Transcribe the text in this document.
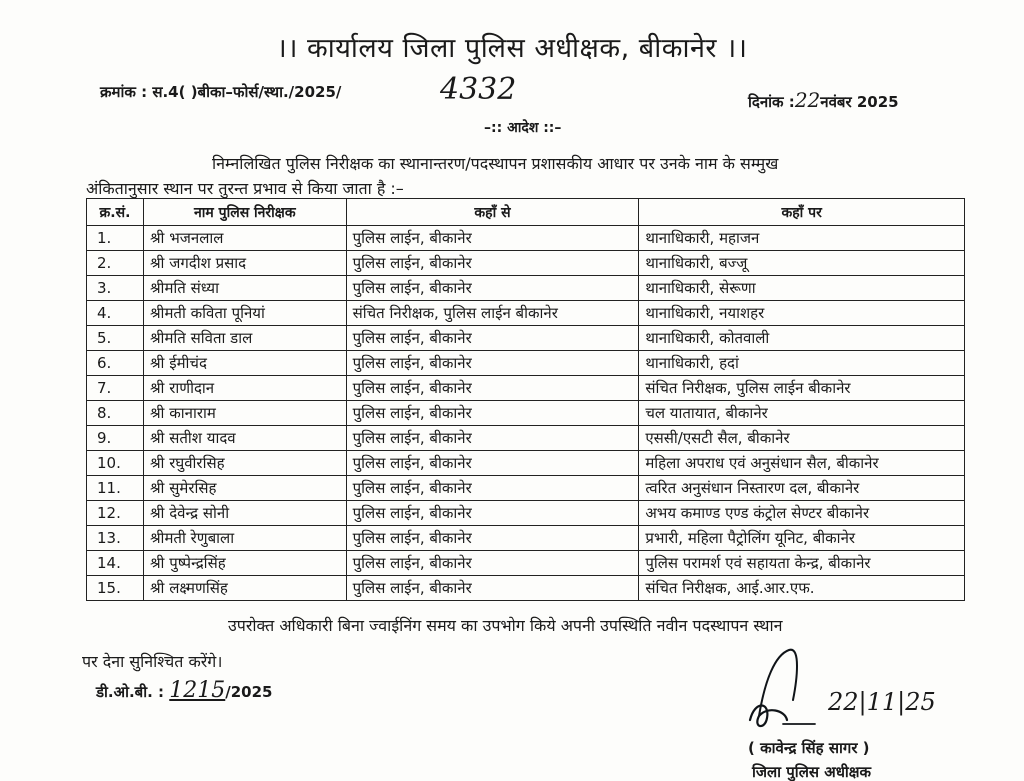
।। कार्यालय जिला पुलिस अधीक्षक, बीकानेर ।।
क्रमांक : स.4( )बीका–फोर्स/स्था./2025/	4332	दिनांक :22नवंबर 2025
–:: आदेश ::–
निम्नलिखित पुलिस निरीक्षक का स्थानान्तरण/पदस्थापन प्रशासकीय आधार पर उनके नाम के सम्मुख
अंकितानुसार स्थान पर तुरन्त प्रभाव से किया जाता है :–
क्र.सं.	नाम पुलिस निरीक्षक	कहाँ से	कहाँ पर
1.	श्री भजनलाल	पुलिस लाईन, बीकानेर	थानाधिकारी, महाजन
2.	श्री जगदीश प्रसाद	पुलिस लाईन, बीकानेर	थानाधिकारी, बज्जू
3.	श्रीमति संध्या	पुलिस लाईन, बीकानेर	थानाधिकारी, सेरूणा
4.	श्रीमती कविता पूनियां	संचित निरीक्षक, पुलिस लाईन बीकानेर	थानाधिकारी, नयाशहर
5.	श्रीमति सविता डाल	पुलिस लाईन, बीकानेर	थानाधिकारी, कोतवाली
6.	श्री ईमीचंद	पुलिस लाईन, बीकानेर	थानाधिकारी, हदां
7.	श्री राणीदान	पुलिस लाईन, बीकानेर	संचित निरीक्षक, पुलिस लाईन बीकानेर
8.	श्री कानाराम	पुलिस लाईन, बीकानेर	चल यातायात, बीकानेर
9.	श्री सतीश यादव	पुलिस लाईन, बीकानेर	एससी/एसटी सैल, बीकानेर
10.	श्री रघुवीरसिह	पुलिस लाईन, बीकानेर	महिला अपराध एवं अनुसंधान सैल, बीकानेर
11.	श्री सुमेरसिह	पुलिस लाईन, बीकानेर	त्वरित अनुसंधान निस्तारण दल, बीकानेर
12.	श्री देवेन्द्र सोनी	पुलिस लाईन, बीकानेर	अभय कमाण्ड एण्ड कंट्रोल सेण्टर बीकानेर
13.	श्रीमती रेणुबाला	पुलिस लाईन, बीकानेर	प्रभारी, महिला पैट्रोलिंग यूनिट, बीकानेर
14.	श्री पुष्पेन्द्रसिंह	पुलिस लाईन, बीकानेर	पुलिस परामर्श एवं सहायता केन्द्र, बीकानेर
15.	श्री लक्ष्मणसिंह	पुलिस लाईन, बीकानेर	संचित निरीक्षक, आई.आर.एफ.
उपरोक्त अधिकारी बिना ज्वाईनिंग समय का उपभोग किये अपनी उपस्थिति नवीन पदस्थापन स्थान
पर देना सुनिश्चित करेंगे।
डी.ओ.बी. : 1215/2025	22|11|25
( कावेन्द्र सिंह सागर )
जिला पुलिस अधीक्षक
